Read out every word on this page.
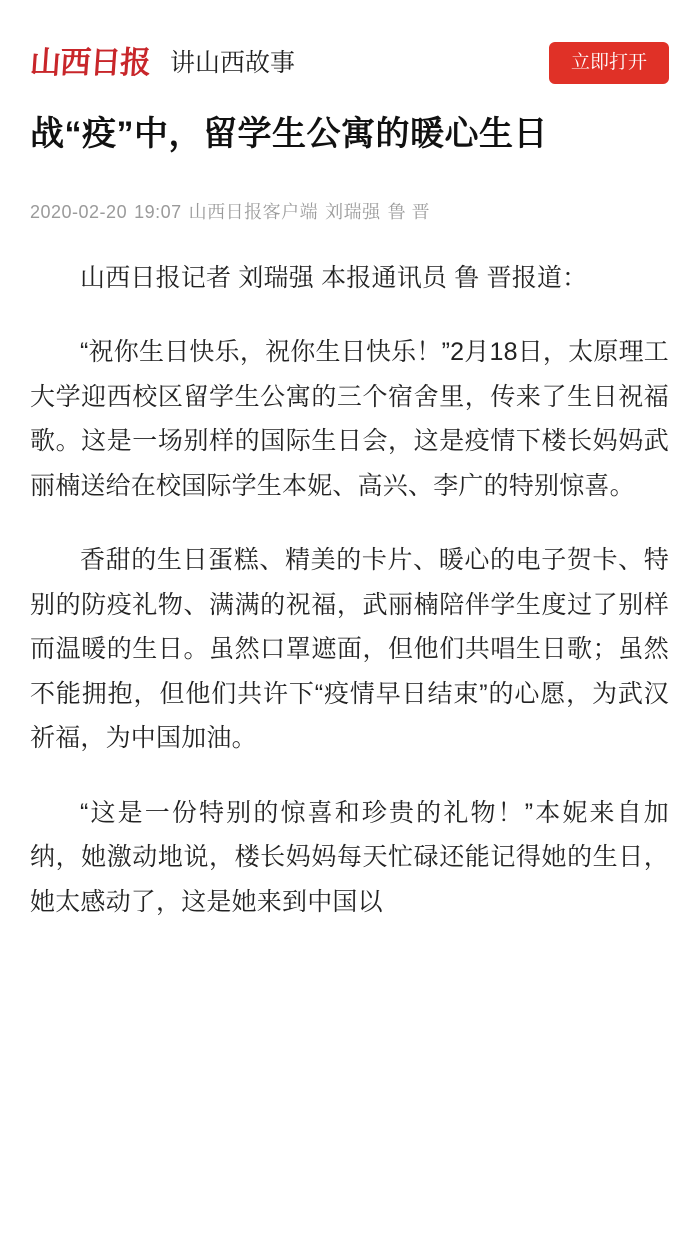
山西日报 讲山西故事	立即打开
战“疫”中，留学生公寓的暖心生日
2020-02-20 19:07 山西日报客户端 刘瑞强 鲁 晋

山西日报记者 刘瑞强 本报通讯员 鲁 晋报道：

“祝你生日快乐，祝你生日快乐！”2月18日，太原理工大学迎西校区留学生公寓的三个宿舍里，传来了生日祝福歌。这是一场别样的国际生日会，这是疫情下楼长妈妈武丽楠送给在校国际学生本妮、高兴、李广的特别惊喜。

香甜的生日蛋糕、精美的卡片、暖心的电子贺卡、特别的防疫礼物、满满的祝福，武丽楠陪伴学生度过了别样而温暖的生日。虽然口罩遮面，但他们共唱生日歌；虽然不能拥抱，但他们共许下“疫情早日结束”的心愿，为武汉祈福，为中国加油。

“这是一份特别的惊喜和珍贵的礼物！”本妮来自加纳，她激动地说，楼长妈妈每天忙碌还能记得她的生日，她太感动了，这是她来到中国以
